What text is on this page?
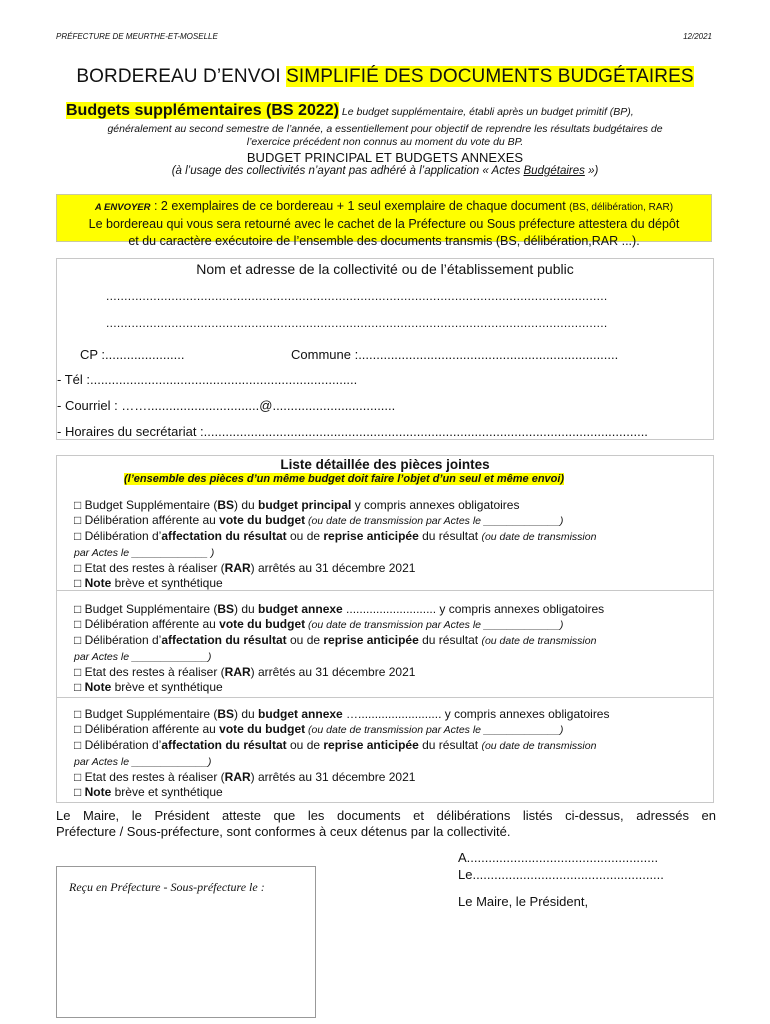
PRÉFECTURE DE MEURTHE-ET-MOSELLE	12/2021
BORDEREAU D’ENVOI SIMPLIFIÉ DES DOCUMENTS BUDGÉTAIRES
Budgets supplémentaires (BS 2022) Le budget supplémentaire, établi après un budget primitif (BP),
généralement au second semestre de l’année, a essentiellement pour objectif de reprendre les résultats budgétaires de
l’exercice précédent non connus au moment du vote du BP.
BUDGET PRINCIPAL ET BUDGETS ANNEXES
(à l’usage des collectivités n’ayant pas adhéré à l’application « Actes Budgétaires »)
A ENVOYER : 2 exemplaires de ce bordereau + 1 seul exemplaire de chaque document (BS, délibération, RAR)
Le bordereau qui vous sera retourné avec le cachet de la Préfecture ou Sous préfecture attestera du dépôt
et du caractère exécutoire de l’ensemble des documents transmis (BS, délibération,RAR ...).
Nom et adresse de la collectivité ou de l’établissement public
..........................................................................................................................................
..........................................................................................................................................
CP :......................	Commune :........................................................................
- Tél :..........................................................................
- Courriel : ……...............................@..................................
- Horaires du secrétariat :...........................................................................................................................
Liste détaillée des pièces jointes
(l’ensemble des pièces d’un même budget doit faire l’objet d’un seul et même envoi)
□ Budget Supplémentaire (BS) du budget principal y compris annexes obligatoires
□ Délibération afférente au vote du budget (ou date de transmission par Actes le _____________)
□ Délibération d’affectation du résultat ou de reprise anticipée du résultat (ou date de transmission
par Actes le _____________ )
□ Etat des restes à réaliser (RAR) arrêtés au 31 décembre 2021
□ Note brève et synthétique
□ Budget Supplémentaire (BS) du budget annexe ........................... y compris annexes obligatoires
□ Délibération afférente au vote du budget (ou date de transmission par Actes le _____________)
□ Délibération d’affectation du résultat ou de reprise anticipée du résultat (ou date de transmission
par Actes le _____________)
□ Etat des restes à réaliser (RAR) arrêtés au 31 décembre 2021
□ Note brève et synthétique
□ Budget Supplémentaire (BS) du budget annexe …......................... y compris annexes obligatoires
□ Délibération afférente au vote du budget (ou date de transmission par Actes le _____________)
□ Délibération d’affectation du résultat ou de reprise anticipée du résultat (ou date de transmission
par Actes le _____________)
□ Etat des restes à réaliser (RAR) arrêtés au 31 décembre 2021
□ Note brève et synthétique
Le Maire, le Président atteste que les documents et délibérations listés ci-dessus, adressés en
Préfecture / Sous-préfecture, sont conformes à ceux détenus par la collectivité.
A.....................................................
Le.....................................................
Le Maire, le Président,
Reçu en Préfecture - Sous-préfecture le :
